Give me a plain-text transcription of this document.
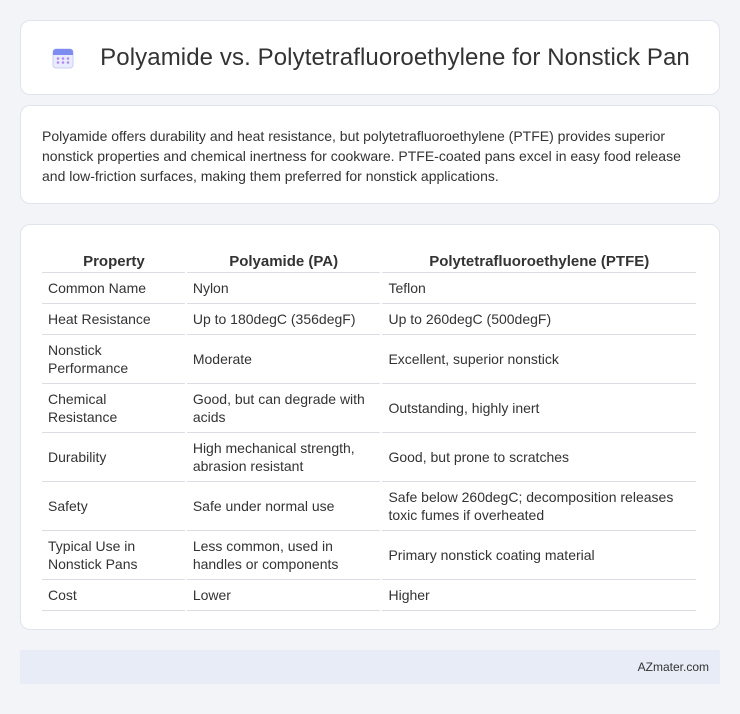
Polyamide vs. Polytetrafluoroethylene for Nonstick Pan

Polyamide offers durability and heat resistance, but polytetrafluoroethylene (PTFE) provides superior nonstick properties and chemical inertness for cookware. PTFE-coated pans excel in easy food release and low-friction surfaces, making them preferred for nonstick applications.

Property	Polyamide (PA)	Polytetrafluoroethylene (PTFE)
Common Name	Nylon	Teflon
Heat Resistance	Up to 180degC (356degF)	Up to 260degC (500degF)
Nonstick Performance	Moderate	Excellent, superior nonstick
Chemical Resistance	Good, but can degrade with acids	Outstanding, highly inert
Durability	High mechanical strength, abrasion resistant	Good, but prone to scratches
Safety	Safe under normal use	Safe below 260degC; decomposition releases toxic fumes if overheated
Typical Use in Nonstick Pans	Less common, used in handles or components	Primary nonstick coating material
Cost	Lower	Higher
AZmater.com
